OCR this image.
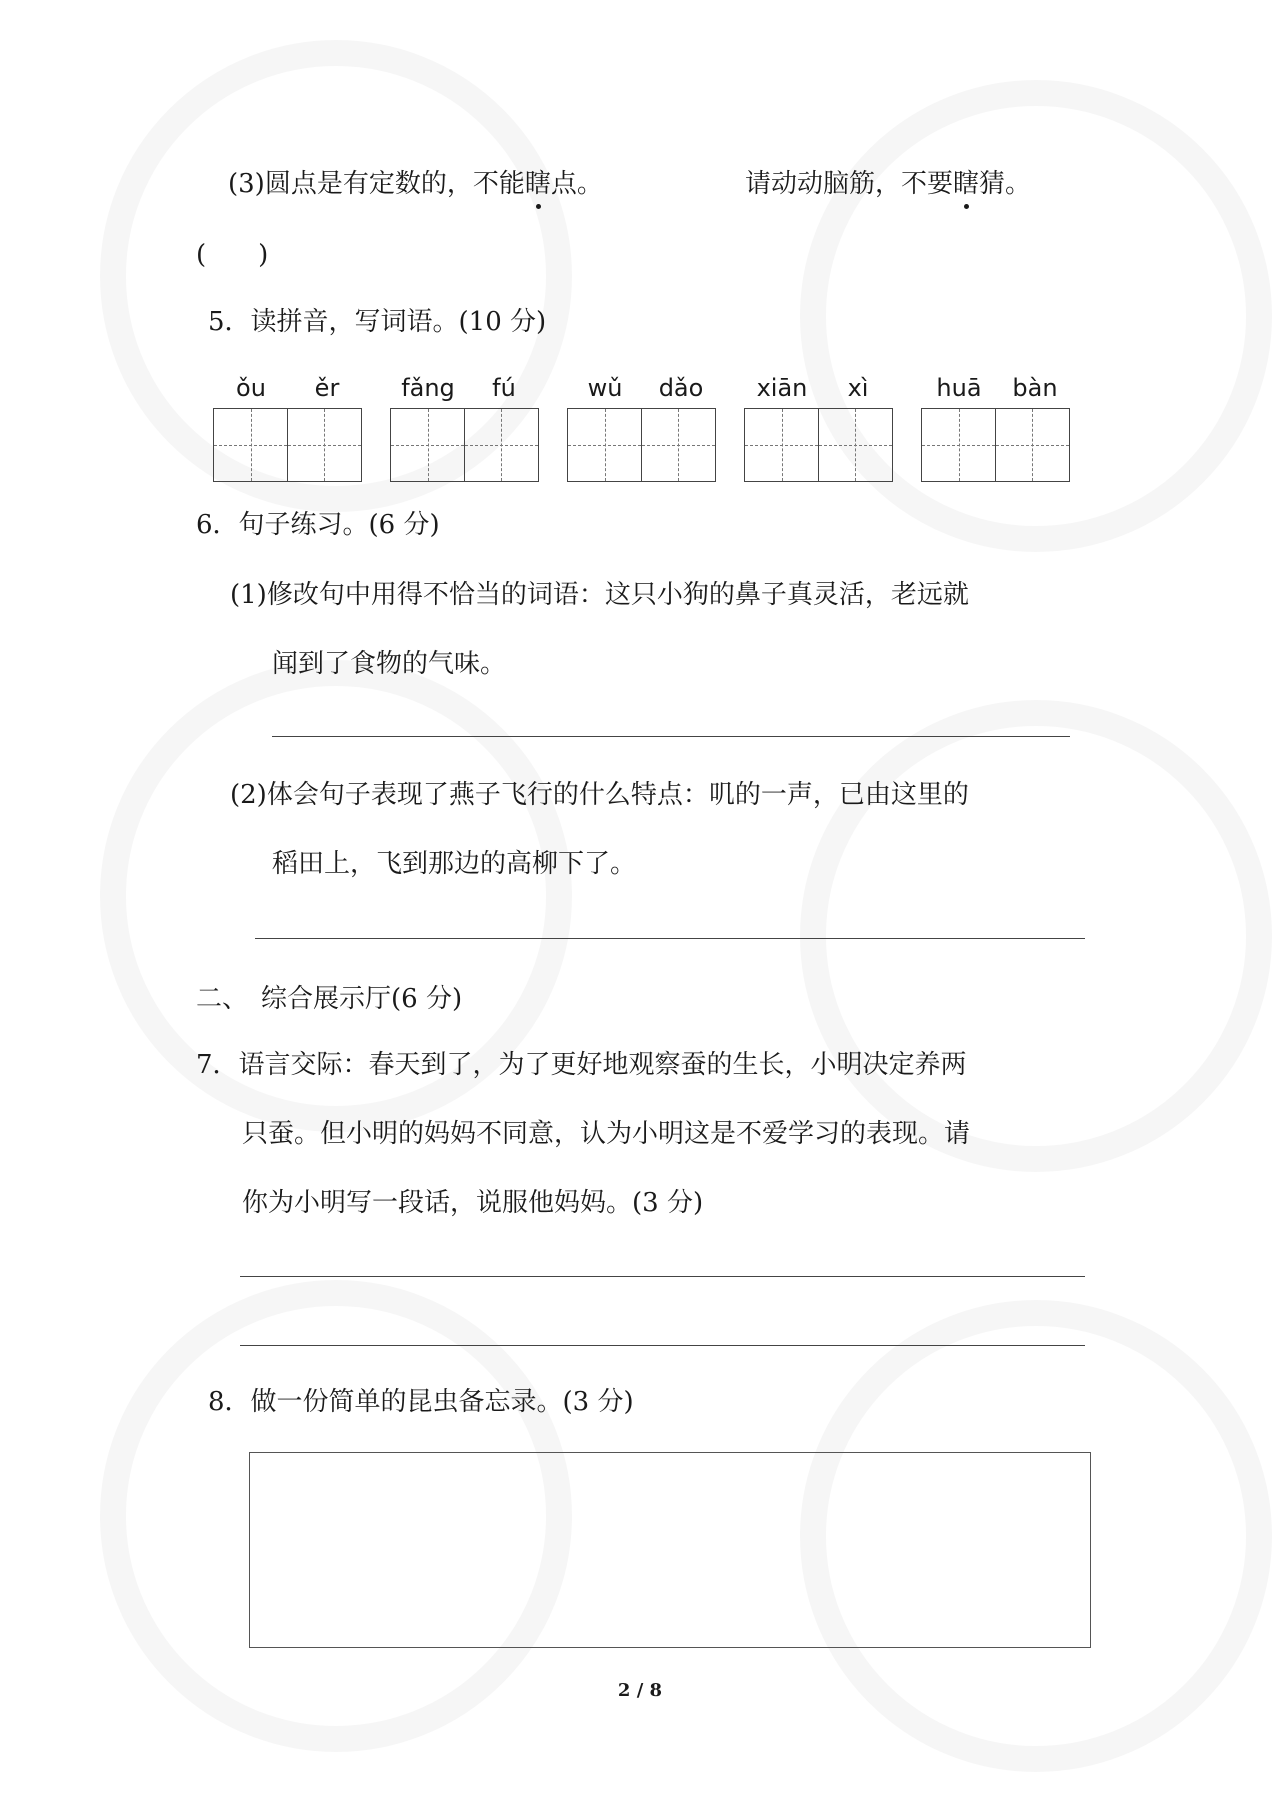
(3)圆点是有定数的，不能瞎点。	请动动脑筋，不要瞎猜。
(　　)
5．读拼音，写词语。(10 分)
ǒu	ěr	fǎng	fú	wǔ	dǎo	xiān	xì	huā	bàn
6．句子练习。(6 分)
(1)修改句中用得不恰当的词语：这只小狗的鼻子真灵活，老远就
闻到了食物的气味。
(2)体会句子表现了燕子飞行的什么特点：叽的一声，已由这里的
稻田上，飞到那边的高柳下了。
二、　综合展示厅(6 分)
7．语言交际：春天到了，为了更好地观察蚕的生长，小明决定养两
只蚕。但小明的妈妈不同意，认为小明这是不爱学习的表现。请
你为小明写一段话，说服他妈妈。(3 分)
8．做一份简单的昆虫备忘录。(3 分)
2 / 8
